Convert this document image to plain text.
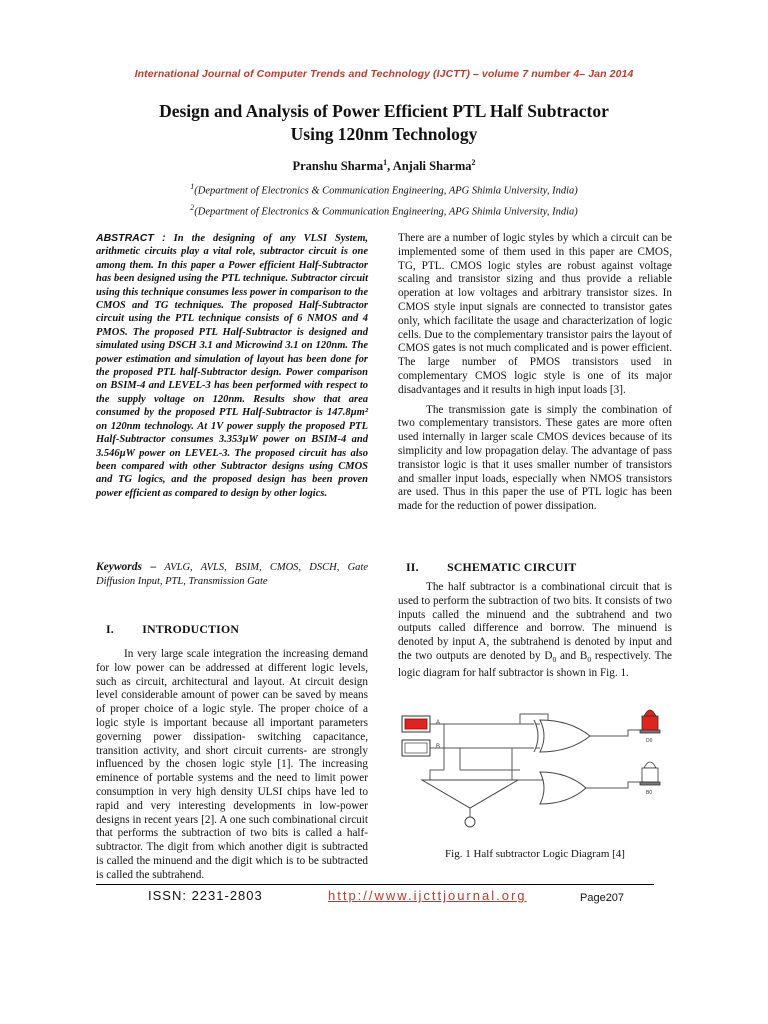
International Journal of Computer Trends and Technology (IJCTT) – volume 7 number 4– Jan 2014
Design and Analysis of Power Efficient PTL Half Subtractor
Using 120nm Technology
Pranshu Sharma$^1$, Anjali Sharma$^2$
$^1$(Department of Electronics & Communication Engineering, APG Shimla University, India)
$^2$(Department of Electronics & Communication Engineering, APG Shimla University, India)

ABSTRACT : In the designing of any VLSI System, arithmetic circuits play a vital role, subtractor circuit is one among them. In this paper a Power efficient Half-Subtractor has been designed using the PTL technique. Subtractor circuit using this technique consumes less power in comparison to the CMOS and TG techniques. The proposed Half-Subtractor circuit using the PTL technique consists of 6 NMOS and 4 PMOS. The proposed PTL Half-Subtractor is designed and simulated using DSCH 3.1 and Microwind 3.1 on 120nm. The power estimation and simulation of layout has been done for the proposed PTL half-Subtractor design. Power comparison on BSIM-4 and LEVEL-3 has been performed with respect to the supply voltage on 120nm. Results show that area consumed by the proposed PTL Half-Subtractor is 147.8µm² on 120nm technology. At 1V power supply the proposed PTL Half-Subtractor consumes 3.353µW power on BSIM-4 and 3.546µW power on LEVEL-3. The proposed circuit has also been compared with other Subtractor designs using CMOS and TG logics, and the proposed design has been proven power efficient as compared to design by other logics.

Keywords – AVLG, AVLS, BSIM, CMOS, DSCH, Gate Diffusion Input, PTL, Transmission Gate
I.         INTRODUCTION
In very large scale integration the increasing demand for low power can be addressed at different logic levels, such as circuit, architectural and layout. At circuit design level considerable amount of power can be saved by means of proper choice of a logic style. The proper choice of a logic style is important because all important parameters governing power dissipation- switching capacitance, transition activity, and short circuit currents- are strongly influenced by the chosen logic style [1]. The increasing eminence of portable systems and the need to limit power consumption in very high density ULSI chips have led to rapid and very interesting developments in low-power designs in recent years [2]. A one such combinational circuit that performs the subtraction of two bits is called a half-subtractor. The digit from which another digit is subtracted is called the minuend and the digit which is to be subtracted is called the subtrahend.

There are a number of logic styles by which a circuit can be implemented some of them used in this paper are CMOS, TG, PTL. CMOS logic styles are robust against voltage scaling and transistor sizing and thus provide a reliable operation at low voltages and arbitrary transistor sizes. In CMOS style input signals are connected to transistor gates only, which facilitate the usage and characterization of logic cells. Due to the complementary transistor pairs the layout of CMOS gates is not much complicated and is power efficient. The large number of PMOS transistors used in complementary CMOS logic style is one of its major disadvantages and it results in high input loads [3].

The transmission gate is simply the combination of two complementary transistors. These gates are more often used internally in larger scale CMOS devices because of its simplicity and low propagation delay. The advantage of pass transistor logic is that it uses smaller number of transistors and smaller input loads, especially when NMOS transistors are used. Thus in this paper the use of PTL logic has been made for the reduction of power dissipation.

II.         SCHEMATIC CIRCUIT
The half subtractor is a combinational circuit that is used to perform the subtraction of two bits. It consists of two inputs called the minuend and the subtrahend and two outputs called difference and borrow. The minuend is denoted by input A, the subtrahend is denoted by input and the two outputs are denoted by $D_0$ and $B_0$ respectively. The logic diagram for half subtractor is shown in Fig. 1.
A
B
D0
B0
Fig. 1 Half subtractor Logic Diagram [4]
ISSN: 2231-2803	http://www.ijcttjournal.org	Page207
